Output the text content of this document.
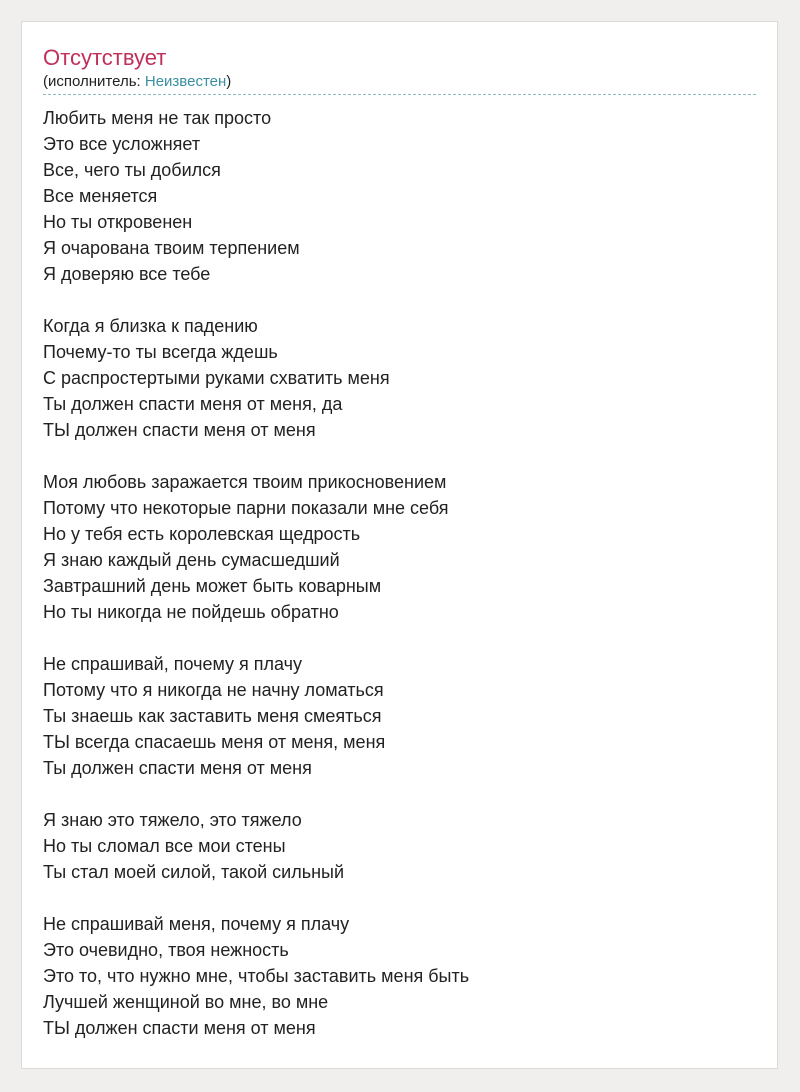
Отсутствует
(исполнитель: Неизвестен)

Любить меня не так просто
Это все усложняет
Все, чего ты добился
Все меняется
Но ты откровенен
Я очарована твоим терпением
Я доверяю все тебе

Когда я близка к падению
Почему-то ты всегда ждешь
С распростертыми руками схватить меня
Ты должен спасти меня от меня, да
ТЫ должен спасти меня от меня

Моя любовь заражается твоим прикосновением
Потому что некоторые парни показали мне себя
Но у тебя есть королевская щедрость
Я знаю каждый день сумасшедший
Завтрашний день может быть коварным
Но ты никогда не пойдешь обратно

Не спрашивай, почему я плачу
Потому что я никогда не начну ломаться
Ты знаешь как заставить меня смеяться
ТЫ всегда спасаешь меня от меня, меня
Ты должен спасти меня от меня

Я знаю это тяжело, это тяжело
Но ты сломал все мои стены
Ты стал моей силой, такой сильный

Не спрашивай меня, почему я плачу
Это очевидно, твоя нежность
Это то, что нужно мне, чтобы заставить меня быть
Лучшей женщиной во мне, во мне
ТЫ должен спасти меня от меня
